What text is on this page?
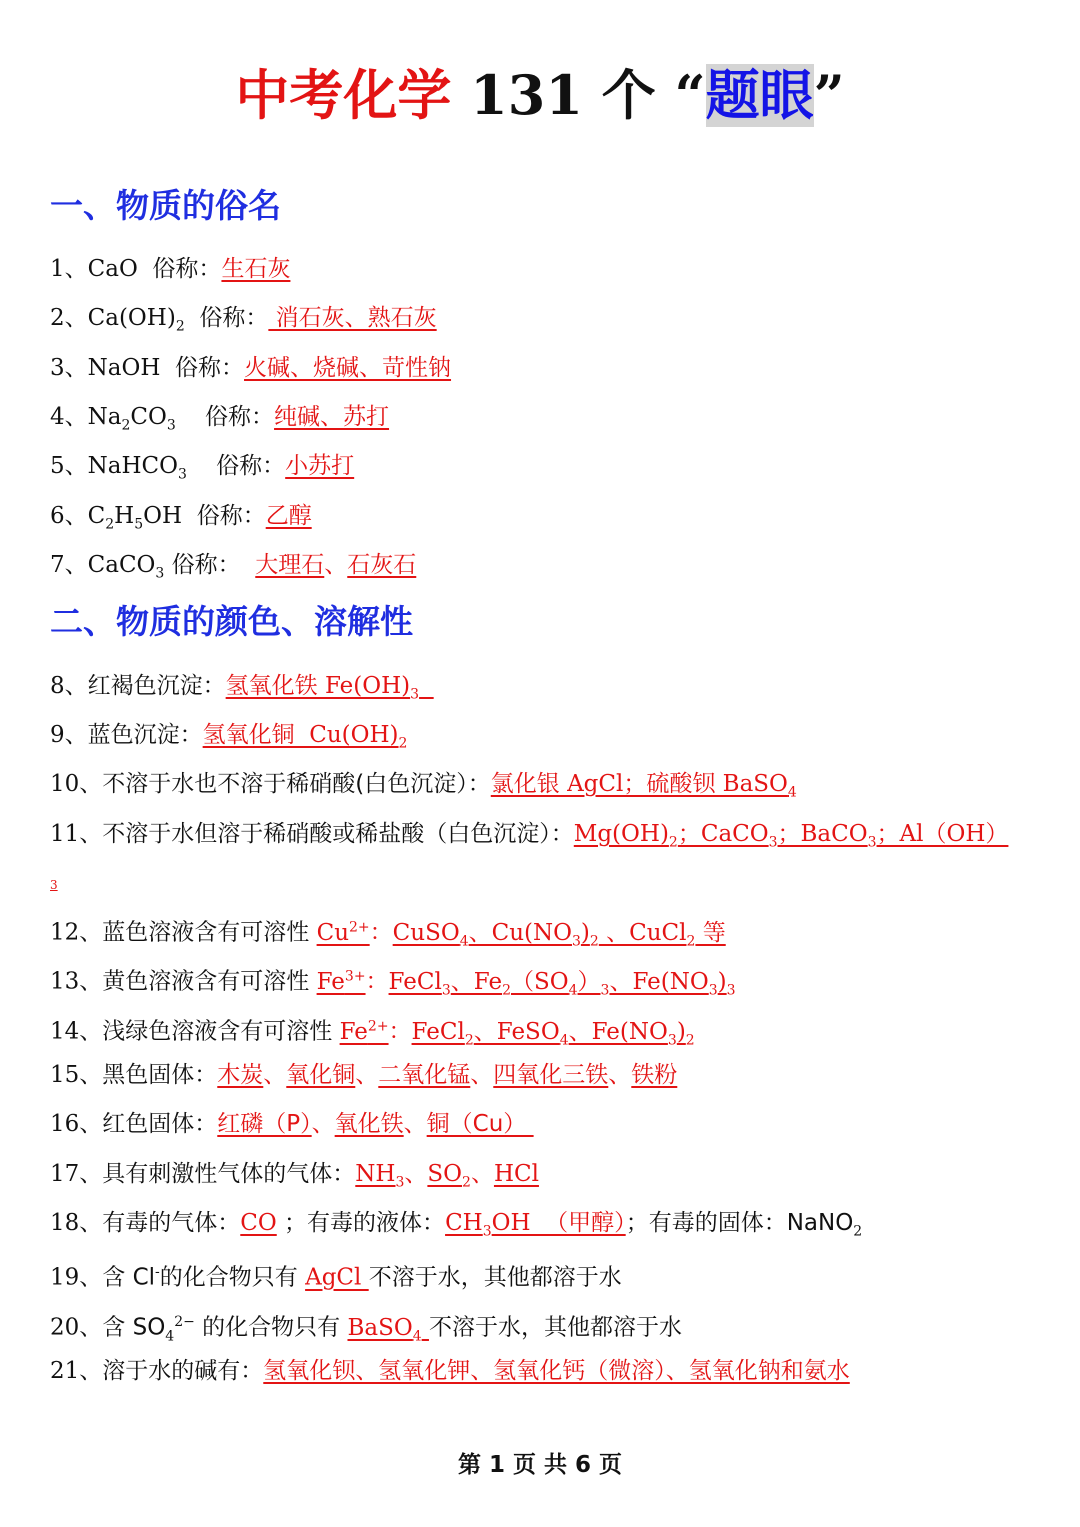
中考化学 131 个 “题眼”
一、物质的俗名
1、CaO  俗称：生石灰
2、$Ca(OH)_2$  俗称： 消石灰、熟石灰
3、NaOH  俗称：火碱、烧碱、苛性钠
4、$Na_2CO_3$    俗称：纯碱、苏打
5、NaHCO$_3$    俗称：小苏打
6、$C_2H_5OH$  俗称：乙醇
7、CaCO$_3$ 俗称：  大理石、石灰石
二、物质的颜色、溶解性
8、红褐色沉淀：氢氧化铁 $Fe(OH)_3$
9、蓝色沉淀：氢氧化铜  $Cu(OH)_2$
10、不溶于水也不溶于稀硝酸(白色沉淀）：氯化银 AgCl；硫酸钡 BaSO$_4$
11、不溶于水但溶于稀硝酸或稀盐酸（白色沉淀）：$Mg(OH)_2$；CaCO$_3$；BaCO$_3$；Al（OH）
3
12、蓝色溶液含有可溶性 $Cu^{2+}$：CuSO$_4$、$Cu(NO_3)_2$ 、CuCl$_2$ 等
13、黄色溶液含有可溶性 $Fe^{3+}$：FeCl$_3$、$Fe_2(SO_4)_3$、$Fe(NO_3)_3$
14、浅绿色溶液含有可溶性 $Fe^{2+}$：FeCl$_2$、FeSO$_4$、$Fe(NO_3)_2$
15、黑色固体：木炭、氧化铜、二氧化锰、四氧化三铁、铁粉
16、红色固体：红磷（P）、氧化铁、铜（Cu）
17、具有刺激性气体的气体：$NH_3$、$SO_2$、HCl
18、有毒的气体：CO ；有毒的液体：$CH_3OH$  （甲醇）；有毒的固体：NaNO$_2$
19、含 Cl-的化合物只有 AgCl 不溶于水，其他都溶于水
20、含 $SO_4^{2-}$ 的化合物只有 BaSO$_4$ 不溶于水，其他都溶于水
21、溶于水的碱有：氢氧化钡、氢氧化钾、氢氧化钙（微溶）、氢氧化钠和氨水
第 1 页 共 6 页
